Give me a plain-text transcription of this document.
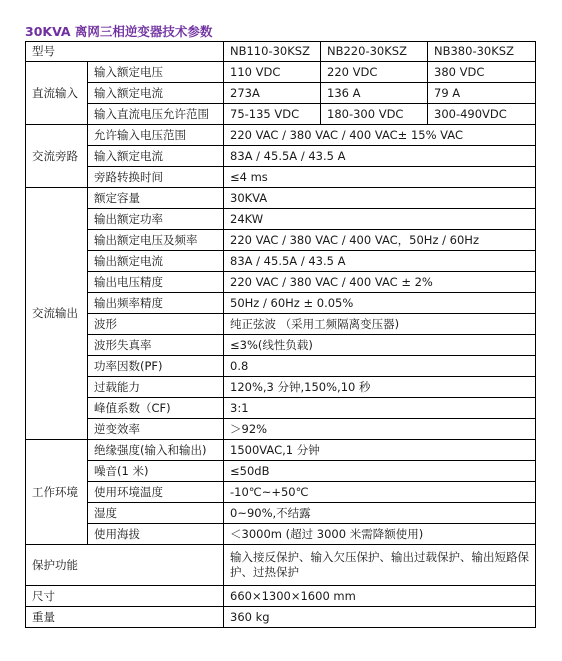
30KVA 离网三相逆变器技术参数
型号		NB110-30KSZ	NB220-30KSZ	NB380-30KSZ
直流输入	输入额定电压	110 VDC	220 VDC	380 VDC
	输入额定电流	273A	136 A	79 A
	输入直流电压允许范围	75-135 VDC	180-300 VDC	300-490VDC
交流旁路	允许输入电压范围	220 VAC / 380 VAC / 400 VAC± 15% VAC		
	输入额定电流	83A / 45.5A / 43.5 A		
	旁路转换时间	≤4 ms		
交流输出	额定容量	30KVA		
	输出额定功率	24KW		
	输出额定电压及频率	220 VAC / 380 VAC / 400 VAC，50Hz / 60Hz		
	输出额定电流	83A / 45.5A / 43.5 A		
	输出电压精度	220 VAC / 380 VAC / 400 VAC ± 2%		
	输出频率精度	50Hz / 60Hz ± 0.05%		
	波形	纯正弦波 （采用工频隔离变压器)		
	波形失真率	≤3%(线性负载)		
	功率因数(PF)	0.8		
	过载能力	120%,3 分钟,150%,10 秒		
	峰值系数（CF)	3:1		
	逆变效率	＞92%		
工作环境	绝缘强度(输入和输出)	1500VAC,1 分钟		
	噪音(1 米)	≤50dB		
	使用环境温度	-10℃~+50℃		
	湿度	0~90%,不结露		
	使用海拔	＜3000m (超过 3000 米需降额使用)		
保护功能		输入接反保护、输入欠压保护、输出过载保护、输出短路保护、过热保护		
尺寸		660×1300×1600 mm		
重量		360 kg		
